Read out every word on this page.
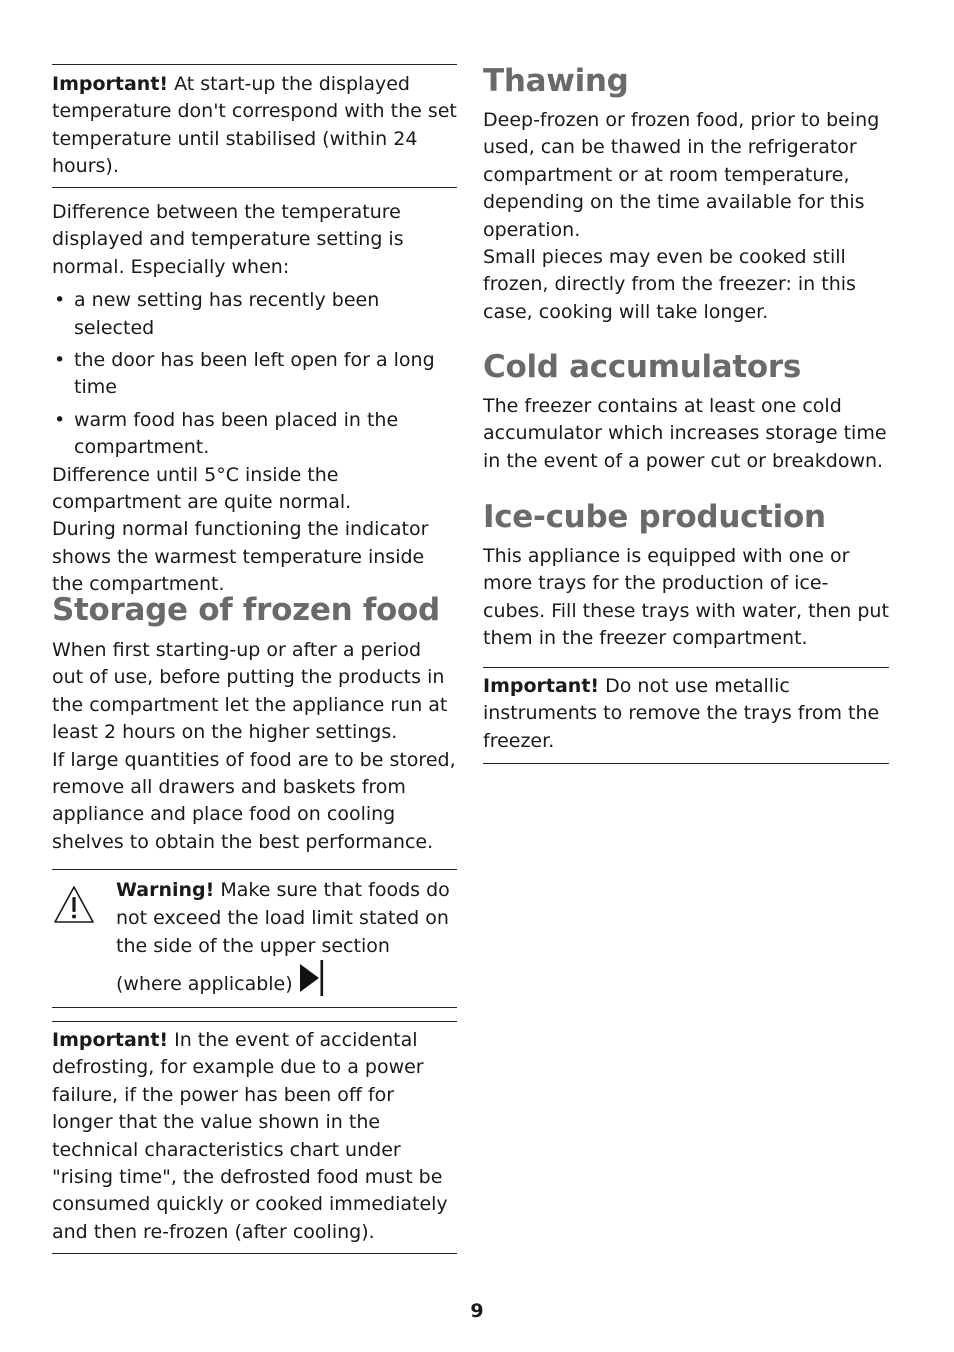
Important! At start-up the displayed temperature don't correspond with the set temperature until stabilised (within 24 hours).

Difference between the temperature displayed and temperature setting is normal. Especially when:

• a new setting has recently been selected
• the door has been left open for a long time
• warm food has been placed in the compartment.

Difference until 5°C inside the compartment are quite normal.

During normal functioning the indicator shows the warmest temperature inside the compartment.

Storage of frozen food

When first starting-up or after a period out of use, before putting the products in the compartment let the appliance run at least 2 hours on the higher settings.

If large quantities of food are to be stored, remove all drawers and baskets from appliance and place food on cooling shelves to obtain the best performance.

Warning! Make sure that foods do not exceed the load limit stated on the side of the upper section (where applicable)

Important! In the event of accidental defrosting, for example due to a power failure, if the power has been off for longer that the value shown in the technical characteristics chart under "rising time", the defrosted food must be consumed quickly or cooked immediately and then re-frozen (after cooling).

Thawing

Deep-frozen or frozen food, prior to being used, can be thawed in the refrigerator compartment or at room temperature, depending on the time available for this operation.

Small pieces may even be cooked still frozen, directly from the freezer: in this case, cooking will take longer.

Cold accumulators

The freezer contains at least one cold accumulator which increases storage time in the event of a power cut or breakdown.

Ice-cube production

This appliance is equipped with one or more trays for the production of ice-cubes. Fill these trays with water, then put them in the freezer compartment.

Important! Do not use metallic instruments to remove the trays from the freezer.

9
